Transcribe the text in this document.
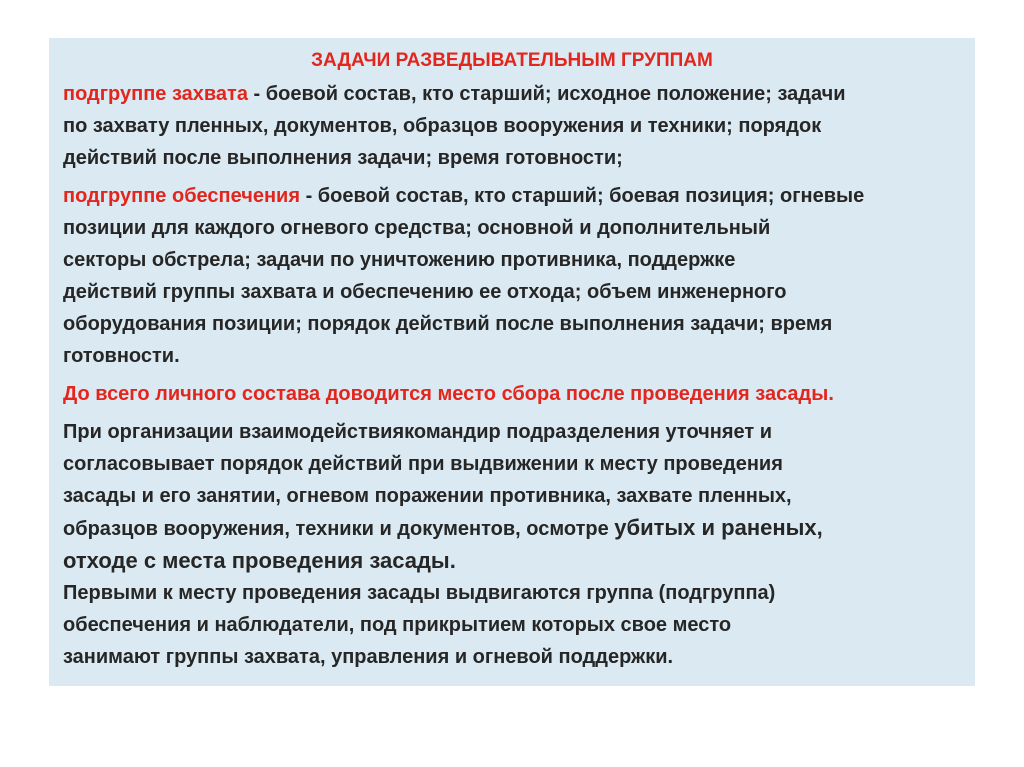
ЗАДАЧИ РАЗВЕДЫВАТЕЛЬНЫМ ГРУППАМ
подгруппе захвата - боевой состав, кто старший; исходное положение; задачи
по захвату пленных, документов, образцов вооружения и техники; порядок
действий после выполнения задачи; время готовности;
подгруппе обеспечения - боевой состав, кто старший; боевая позиция; огневые
позиции для каждого огневого средства; основной и дополнительный
секторы обстрела; задачи по уничтожению противника, поддержке
действий группы захвата и обеспечению ее отхода; объем инженерного
оборудования позиции; порядок действий после выполнения задачи; время
готовности.
До всего личного состава доводится место сбора после проведения засады.
При организации взаимодействиякомандир подразделения уточняет и
согласовывает порядок действий при выдвижении к месту проведения
засады и его занятии, огневом поражении противника, захвате пленных,
образцов вооружения, техники и документов, осмотре убитых и раненых,
отходе с места проведения засады.
Первыми к месту проведения засады выдвигаются группа (подгруппа)
обеспечения и наблюдатели, под прикрытием которых свое место
занимают группы захвата, управления и огневой поддержки.
